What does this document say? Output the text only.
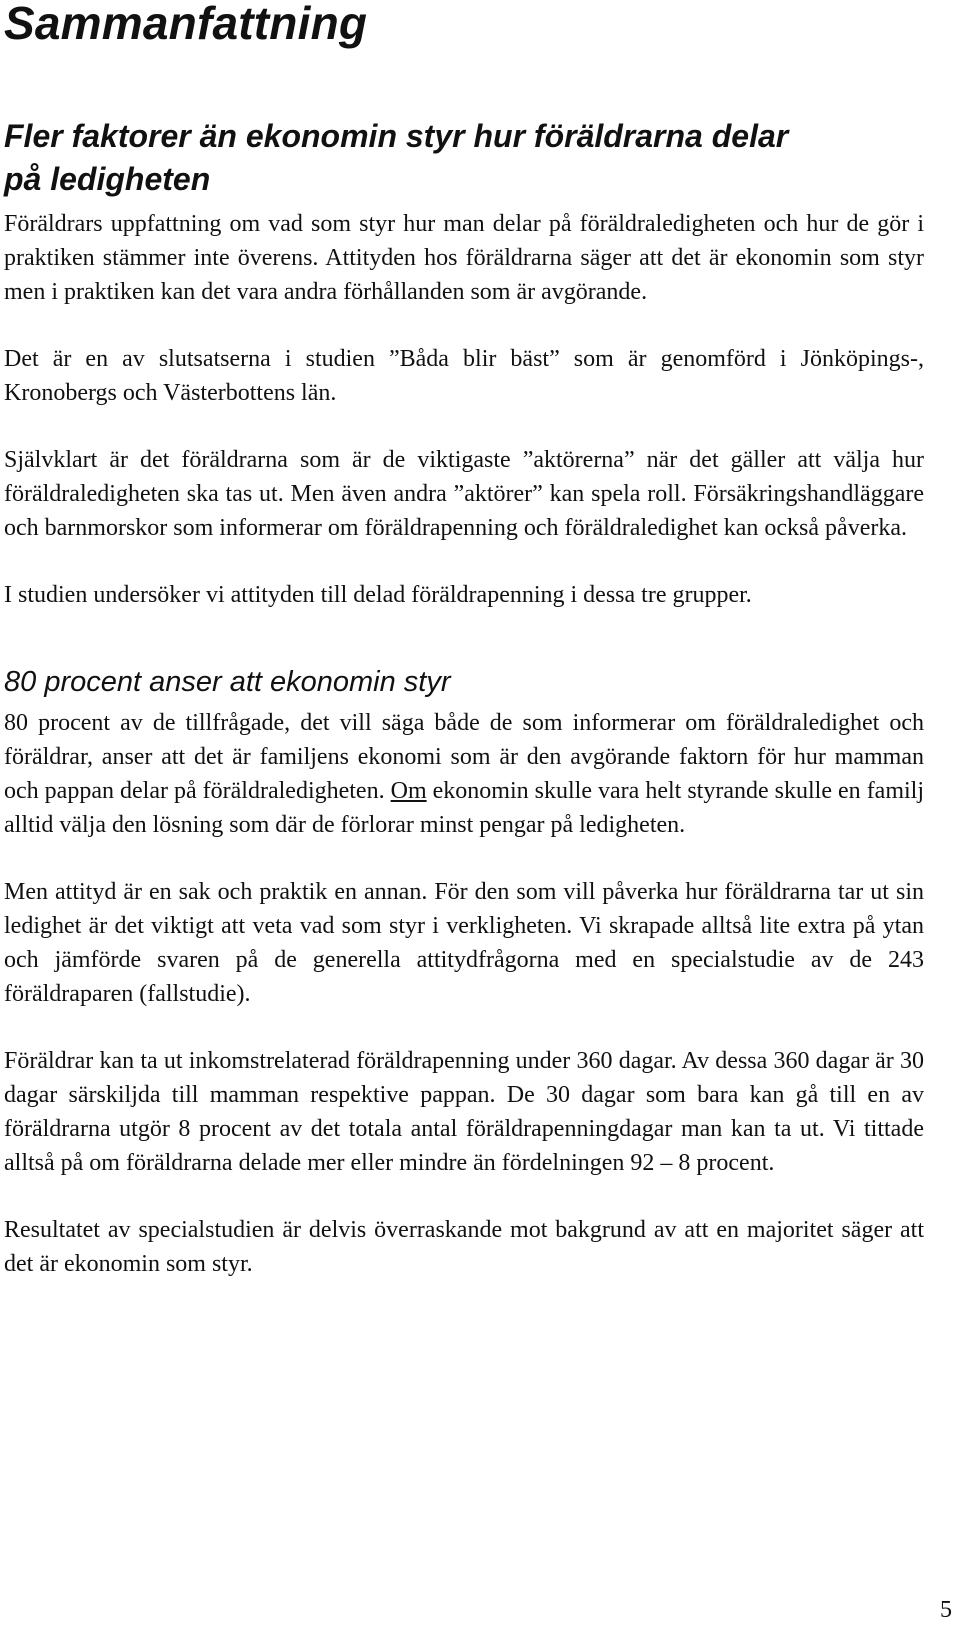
Sammanfattning
Fler faktorer än ekonomin styr hur föräldrarna delar på ledigheten

Föräldrars uppfattning om vad som styr hur man delar på föräldraledigheten och hur de gör i praktiken stämmer inte överens. Attityden hos föräldrarna säger att det är ekonomin som styr men i praktiken kan det vara andra förhållanden som är avgörande.

Det är en av slutsatserna i studien ”Båda blir bäst” som är genomförd i Jönköpings-, Kronobergs och Västerbottens län.

Självklart är det föräldrarna som är de viktigaste ”aktörerna” när det gäller att välja hur föräldraledigheten ska tas ut. Men även andra ”aktörer” kan spela roll. Försäkringshandläggare och barnmorskor som informerar om föräldrapenning och föräldraledighet kan också påverka.

I studien undersöker vi attityden till delad föräldrapenning i dessa tre grupper.

80 procent anser att ekonomin styr

80 procent av de tillfrågade, det vill säga både de som informerar om föräldraledighet och föräldrar, anser att det är familjens ekonomi som är den avgörande faktorn för hur mamman och pappan delar på föräldraledigheten. Om ekonomin skulle vara helt styrande skulle en familj alltid välja den lösning som där de förlorar minst pengar på ledigheten.

Men attityd är en sak och praktik en annan. För den som vill påverka hur föräldrarna tar ut sin ledighet är det viktigt att veta vad som styr i verkligheten. Vi skrapade alltså lite extra på ytan och jämförde svaren på de generella attitydfrågorna med en specialstudie av de 243 föräldraparen (fallstudie).

Föräldrar kan ta ut inkomstrelaterad föräldrapenning under 360 dagar. Av dessa 360 dagar är 30 dagar särskiljda till mamman respektive pappan. De 30 dagar som bara kan gå till en av föräldrarna utgör 8 procent av det totala antal föräldrapenningdagar man kan ta ut. Vi tittade alltså på om föräldrarna delade mer eller mindre än fördelningen 92 – 8 procent.

Resultatet av specialstudien är delvis överraskande mot bakgrund av att en majoritet säger att det är ekonomin som styr.

5
